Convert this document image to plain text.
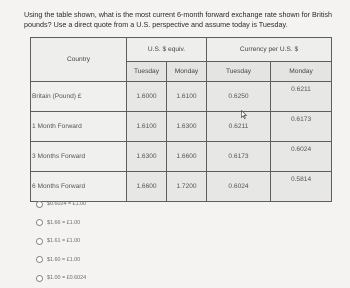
Using the table shown, what is the most current 6-month forward exchange rate shown for British pounds? Use a direct quote from a U.S. perspective and assume today is Tuesday.

Country	U.S. $ equiv.		Currency per U.S. $	
	Tuesday	Monday	Tuesday	Monday
Britain (Pound) £	1.6000	1.6100	0.6250	0.6211
1 Month Forward	1.6100	1.6300	0.6211	0.6173
3 Months Forward	1.6300	1.6600	0.6173	0.6024
6 Months Forward	1.6600	1.7200	0.6024	0.5814
$0.6024 = £1.00
$1.66 = £1.00
$1.61 = £1.00
$1.60 = £1.00
$1.00 = £0.6024
